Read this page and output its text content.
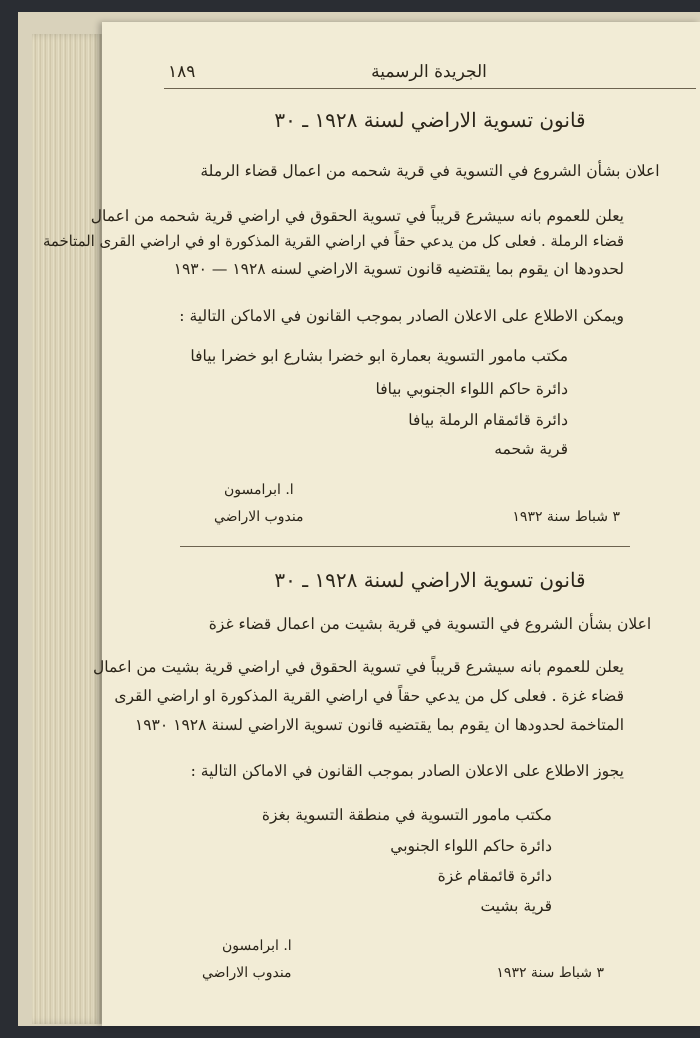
١٨٩	الجريدة الرسمية
قانون تسوية الاراضي لسنة ١٩٢٨ ـ ٣٠
اعلان بشأن الشروع في التسوية في قرية شحمه من اعمال قضاء الرملة
يعلن للعموم بانه سيشرع قريباً في تسوية الحقوق في اراضي قرية شحمه من اعمال
قضاء الرملة . فعلى كل من يدعي حقاً في اراضي القرية المذكورة او في اراضي القرى المتاخمة
لحدودها ان يقوم بما يقتضيه قانون تسوية الاراضي لسنه ١٩٢٨ — ١٩٣٠
ويمكن الاطلاع على الاعلان الصادر بموجب القانون في الاماكن التالية :
مكتب مامور التسوية بعمارة ابو خضرا بشارع ابو خضرا بيافا
دائرة حاكم اللواء الجنوبي بيافا
دائرة قائمقام الرملة بيافا
قرية شحمه
ا. ابرامسون
مندوب الاراضي	٣ شباط سنة ١٩٣٢
قانون تسوية الاراضي لسنة ١٩٢٨ ـ ٣٠
اعلان بشأن الشروع في التسوية في قرية بشيت من اعمال قضاء غزة
يعلن للعموم بانه سيشرع قريباً في تسوية الحقوق في اراضي قرية بشيت من اعمال
قضاء غزة . فعلى كل من يدعي حقاً في اراضي القرية المذكورة او اراضي القرى
المتاخمة لحدودها ان يقوم بما يقتضيه قانون تسوية الاراضي لسنة ١٩٢٨ ١٩٣٠
يجوز الاطلاع على الاعلان الصادر بموجب القانون في الاماكن التالية :
مكتب مامور التسوية في منطقة التسوية بغزة
دائرة حاكم اللواء الجنوبي
دائرة قائمقام غزة
قرية بشيت
ا. ابرامسون
مندوب الاراضي	٣ شباط سنة ١٩٣٢
